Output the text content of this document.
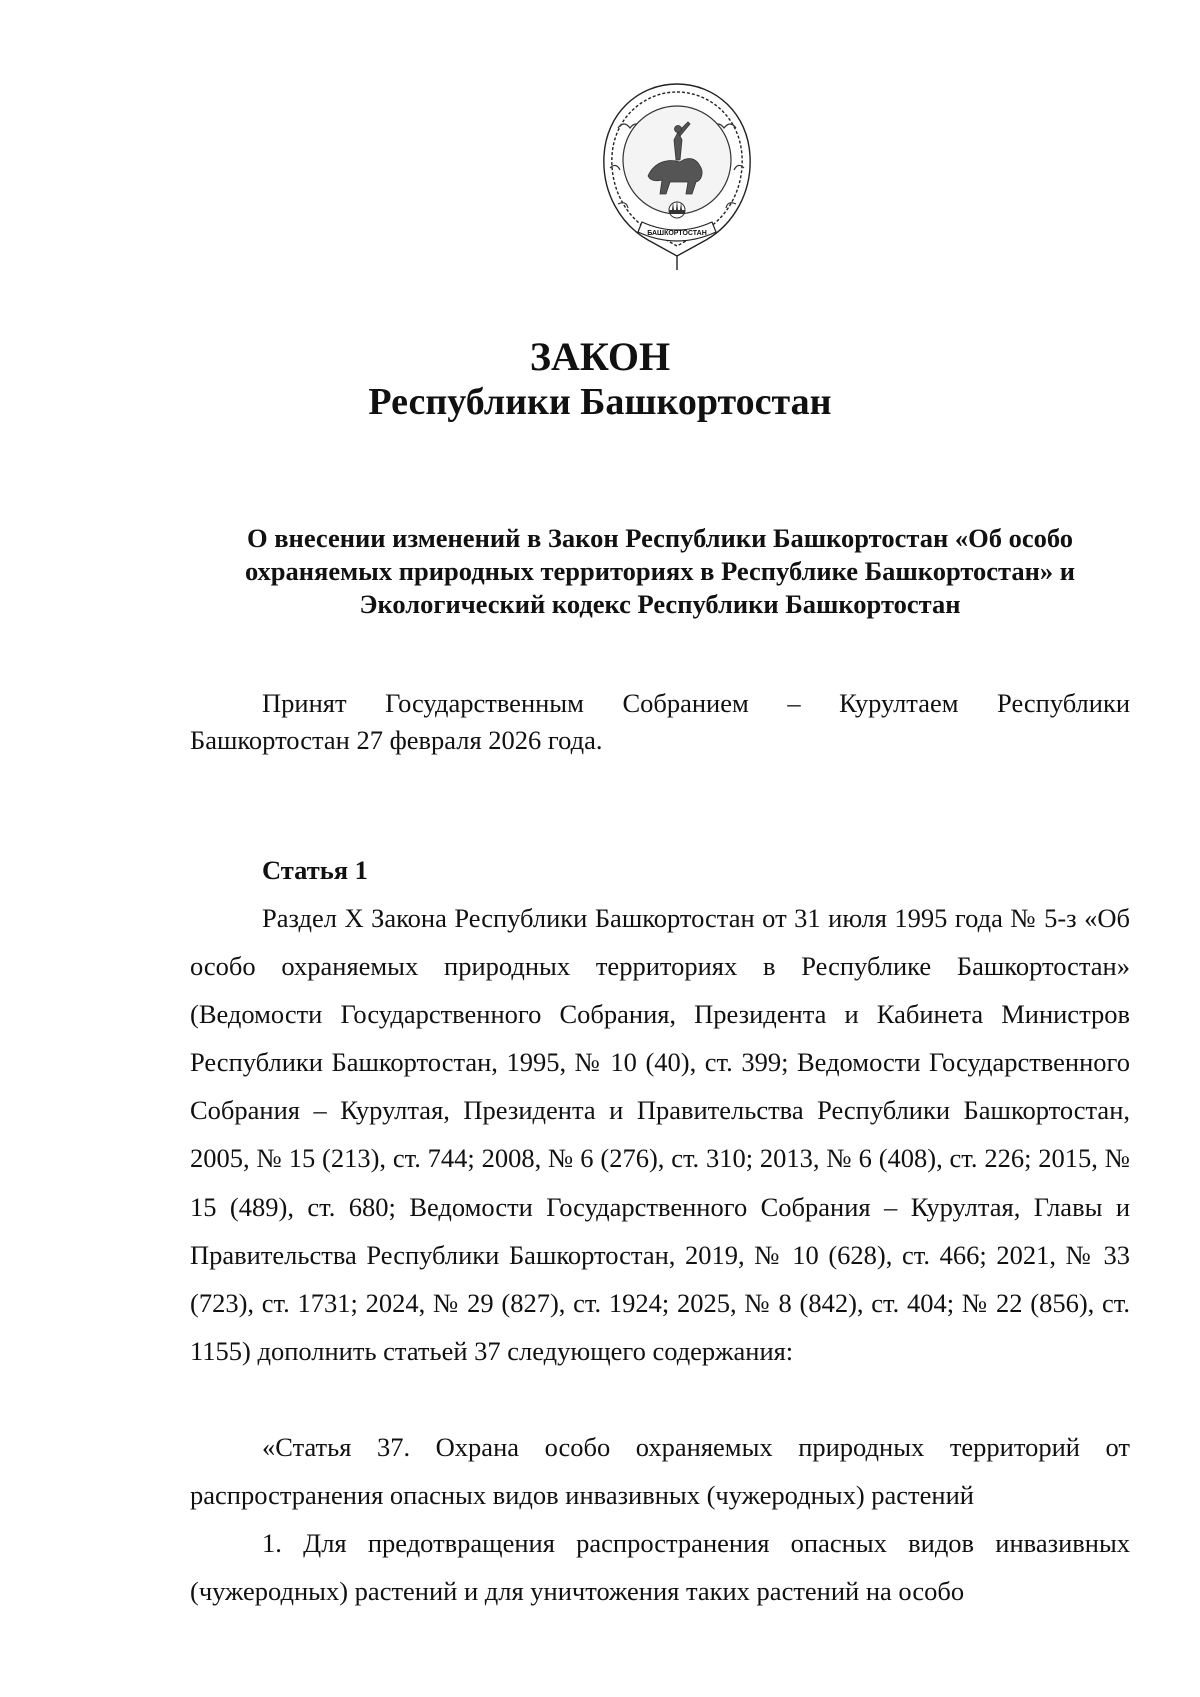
БАШКОРТОСТАН
ЗАКОН
Республики Башкортостан
О внесении изменений в Закон Республики Башкортостан «Об особо
охраняемых природных территориях в Республике Башкортостан» и
Экологический кодекс Республики Башкортостан
Принят Государственным Собранием – Курултаем Республики Башкортостан 27 февраля 2026 года.
Статья 1
Раздел X Закона Республики Башкортостан от 31 июля 1995 года № 5-з «Об особо охраняемых природных территориях в Республике Башкортостан» (Ведомости Государственного Собрания, Президента и Кабинета Министров Республики Башкортостан, 1995, № 10 (40), ст. 399; Ведомости Государственного Собрания – Курултая, Президента и Правительства Республики Башкортостан, 2005, № 15 (213), ст. 744; 2008, № 6 (276), ст. 310; 2013, № 6 (408), ст. 226; 2015, № 15 (489), ст. 680; Ведомости Государственного Собрания – Курултая, Главы и Правительства Республики Башкортостан, 2019, № 10 (628), ст. 466; 2021, № 33 (723), ст. 1731; 2024, № 29 (827), ст. 1924; 2025, № 8 (842), ст. 404; № 22 (856), ст. 1155) дополнить статьей 37 следующего содержания:
«Статья 37. Охрана особо охраняемых природных территорий от распространения опасных видов инвазивных (чужеродных) растений
1. Для предотвращения распространения опасных видов инвазивных (чужеродных) растений и для уничтожения таких растений на особо
